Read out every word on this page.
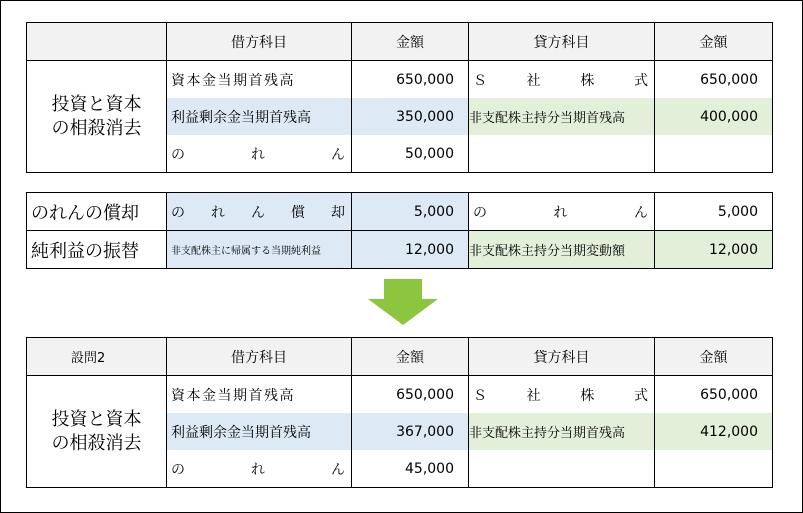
	借方科目	金額	貸方科目	金額
投資と資本の相殺消去	資本金当期首残高	650,000	Ｓ 社 株 式	650,000
	利益剰余金当期首残高	350,000	非支配株主持分当期首残高	400,000

	の れ ん	50,000		
のれんの償却	の れ ん 償 却	5,000	の れ ん	5,000
純利益の振替	非支配株主に帰属する当期純利益	12,000	非支配株主持分当期変動額	12,000
設問2	借方科目	金額	貸方科目	金額
投資と資本の相殺消去	資本金当期首残高	650,000	Ｓ 社 株 式	650,000
	利益剰余金当期首残高	367,000	非支配株主持分当期首残高	412,000

	の れ ん	45,000		
